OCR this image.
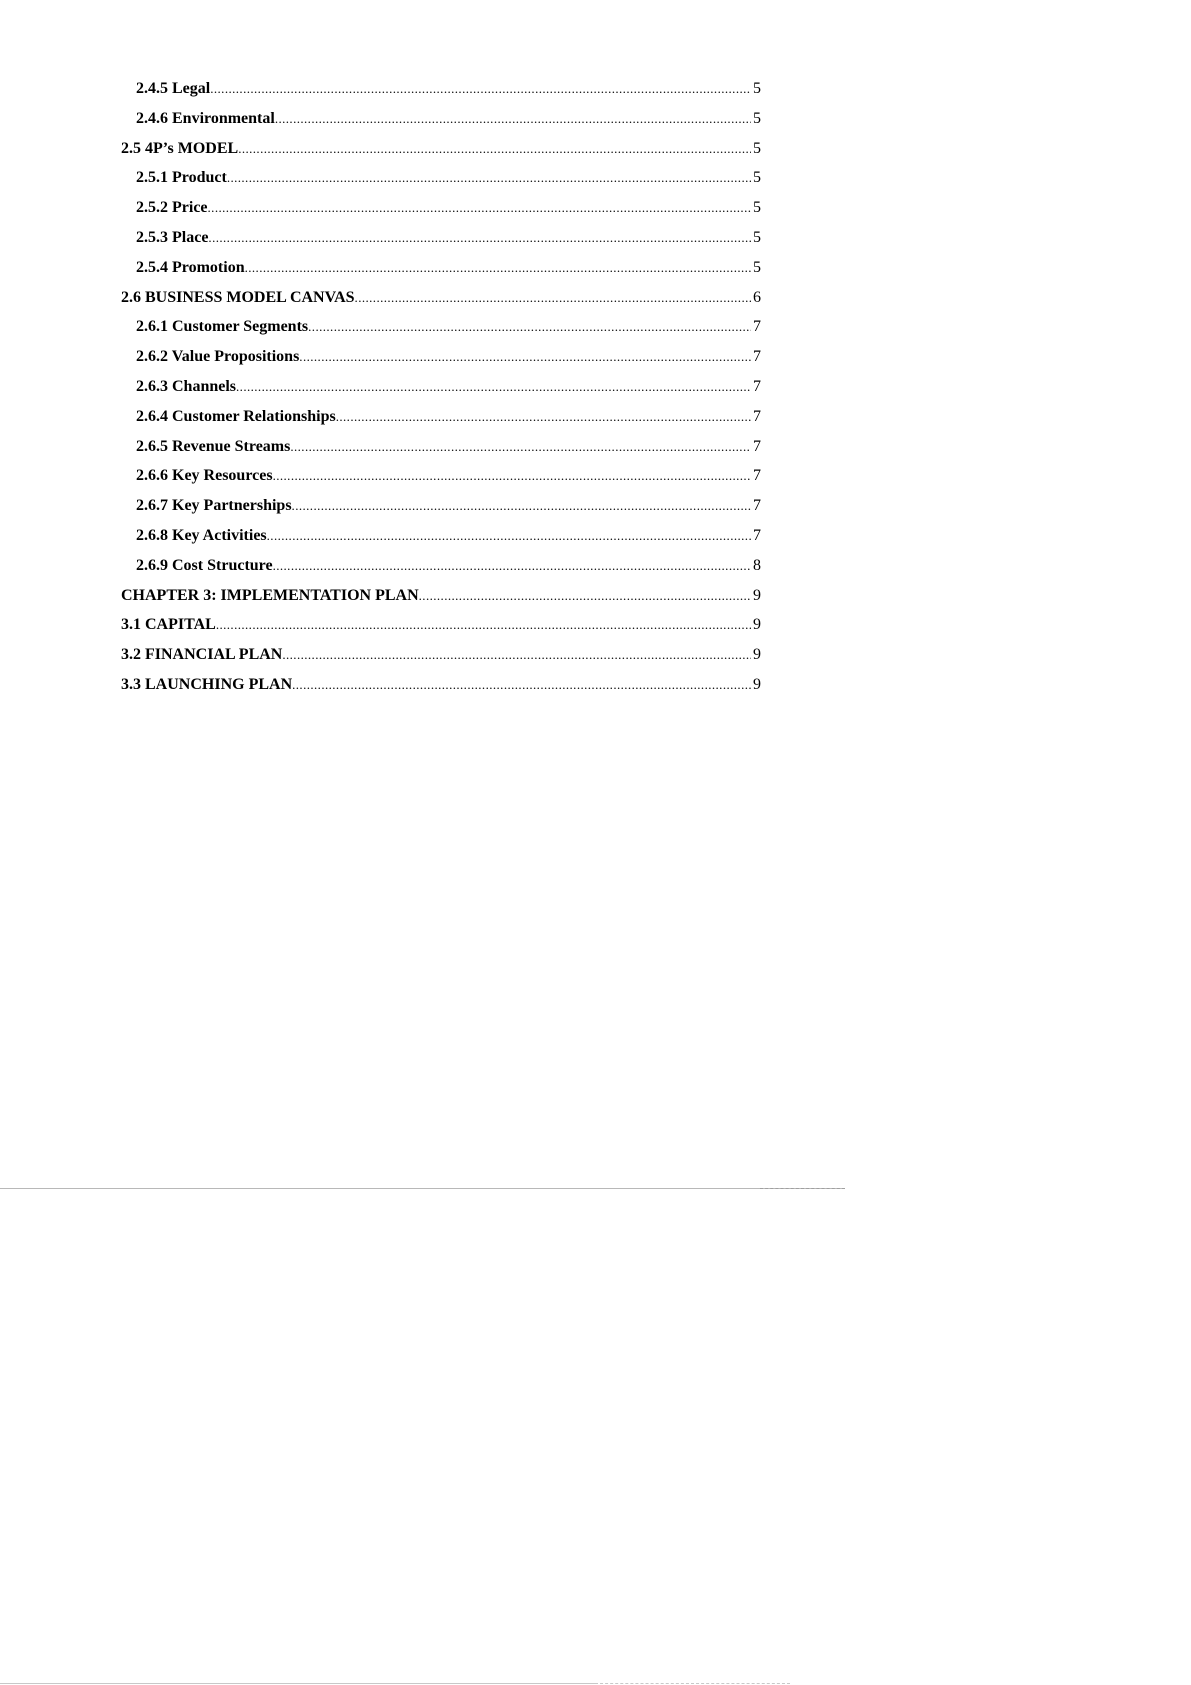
2.4.5 Legal .....	5
2.4.6 Environmental .....	5
2.5 4P’s MODEL .....	5
2.5.1 Product .....	5
2.5.2 Price .....	5
2.5.3 Place .....	5
2.5.4 Promotion .....	5
2.6 BUSINESS MODEL CANVAS .....	6
2.6.1 Customer Segments .....	7
2.6.2 Value Propositions .....	7
2.6.3 Channels .....	7
2.6.4 Customer Relationships .....	7
2.6.5 Revenue Streams .....	7
2.6.6 Key Resources .....	7
2.6.7 Key Partnerships .....	7
2.6.8 Key Activities .....	7
2.6.9 Cost Structure .....	8
CHAPTER 3: IMPLEMENTATION PLAN .....	9
3.1 CAPITAL .....	9
3.2 FINANCIAL PLAN .....	9
3.3 LAUNCHING PLAN .....	9
